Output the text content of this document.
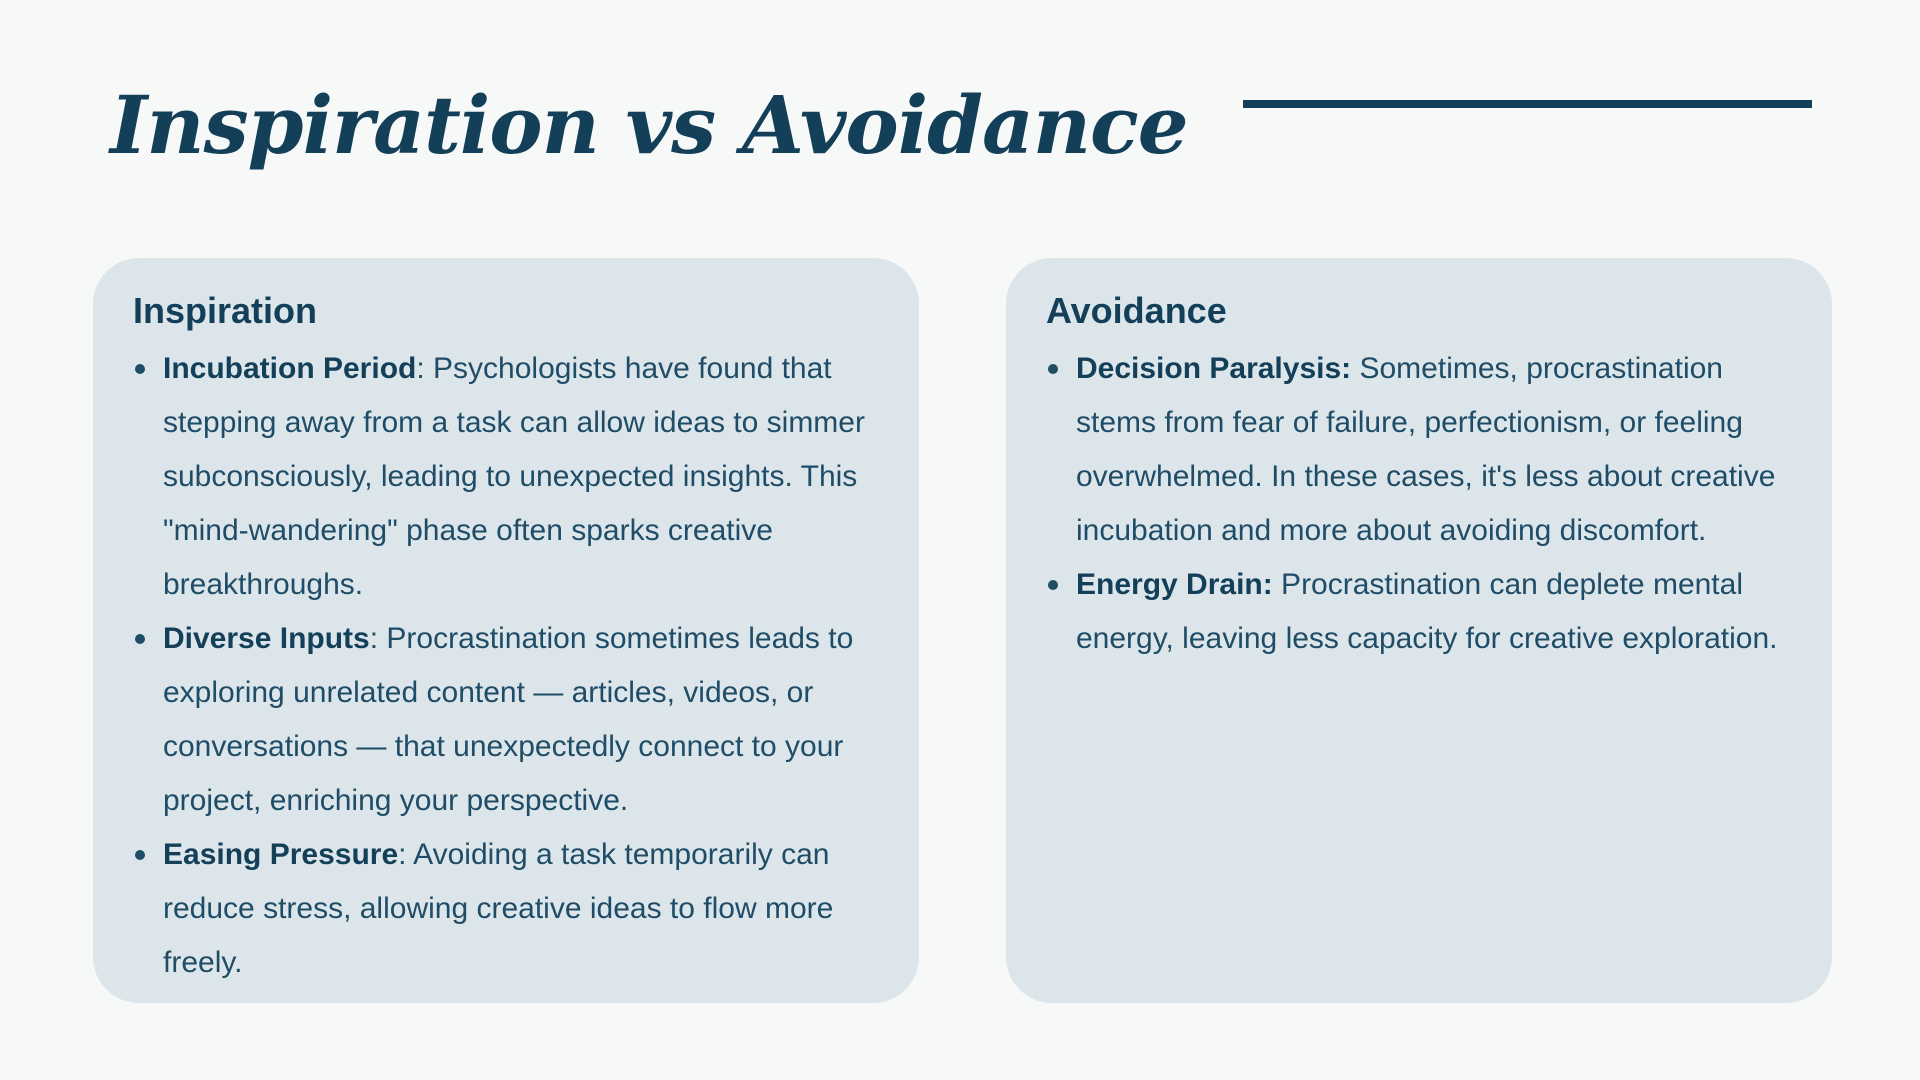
Inspiration vs Avoidance
Inspiration
Incubation Period: Psychologists have found that stepping away from a task can allow ideas to simmer subconsciously, leading to unexpected insights. This "mind-wandering" phase often sparks creative breakthroughs.
Diverse Inputs: Procrastination sometimes leads to exploring unrelated content — articles, videos, or conversations — that unexpectedly connect to your project, enriching your perspective.
Easing Pressure: Avoiding a task temporarily can reduce stress, allowing creative ideas to flow more freely.
Avoidance
Decision Paralysis: Sometimes, procrastination stems from fear of failure, perfectionism, or feeling overwhelmed. In these cases, it's less about creative incubation and more about avoiding discomfort.
Energy Drain: Procrastination can deplete mental energy, leaving less capacity for creative exploration.
